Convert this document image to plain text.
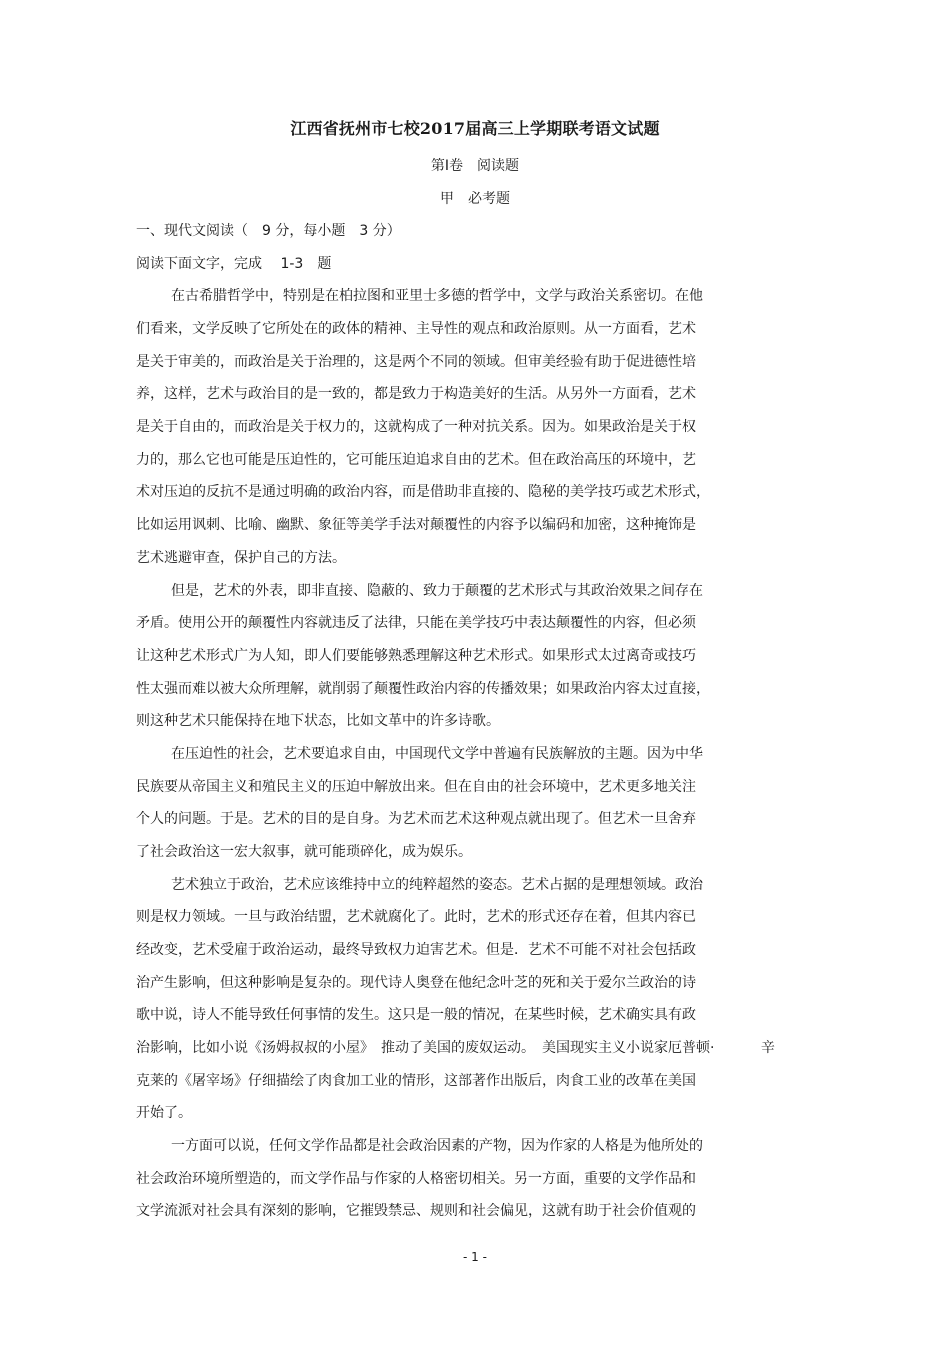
江西省抚州市七校2017届高三上学期联考语文试题
第Ⅰ卷　阅读题
甲　必考题
一、现代文阅读（　9 分，每小题　3 分）
阅读下面文字，完成　 1-3　题
在古希腊哲学中，特别是在柏拉图和亚里士多德的哲学中，文学与政治关系密切。在他
们看来，文学反映了它所处在的政体的精神、主导性的观点和政治原则。从一方面看，艺术
是关于审美的，而政治是关于治理的，这是两个不同的领域。但审美经验有助于促进德性培
养，这样，艺术与政治目的是一致的，都是致力于构造美好的生活。从另外一方面看，艺术
是关于自由的，而政治是关于权力的，这就构成了一种对抗关系。因为。如果政治是关于权
力的，那么它也可能是压迫性的，它可能压迫追求自由的艺术。但在政治高压的环境中，艺
术对压迫的反抗不是通过明确的政治内容，而是借助非直接的、隐秘的美学技巧或艺术形式，
比如运用讽刺、比喻、幽默、象征等美学手法对颠覆性的内容予以编码和加密，这种掩饰是
艺术逃避审查，保护自己的方法。
但是，艺术的外表，即非直接、隐蔽的、致力于颠覆的艺术形式与其政治效果之间存在
矛盾。使用公开的颠覆性内容就违反了法律，只能在美学技巧中表达颠覆性的内容，但必须
让这种艺术形式广为人知，即人们要能够熟悉理解这种艺术形式。如果形式太过离奇或技巧
性太强而难以被大众所理解，就削弱了颠覆性政治内容的传播效果；如果政治内容太过直接，
则这种艺术只能保持在地下状态，比如文革中的许多诗歌。
在压迫性的社会，艺术要追求自由，中国现代文学中普遍有民族解放的主题。因为中华
民族要从帝国主义和殖民主义的压迫中解放出来。但在自由的社会环境中，艺术更多地关注
个人的问题。于是。艺术的目的是自身。为艺术而艺术这种观点就出现了。但艺术一旦舍弃
了社会政治这一宏大叙事，就可能琐碎化，成为娱乐。
艺术独立于政治，艺术应该维持中立的纯粹超然的姿态。艺术占据的是理想领域。政治
则是权力领域。一旦与政治结盟，艺术就腐化了。此时，艺术的形式还存在着，但其内容已
经改变，艺术受雇于政治运动，最终导致权力迫害艺术。但是．艺术不可能不对社会包括政
治产生影响，但这种影响是复杂的。现代诗人奥登在他纪念叶芝的死和关于爱尔兰政治的诗
歌中说，诗人不能导致任何事情的发生。这只是一般的情况，在某些时候，艺术确实具有政
治影响，比如小说《汤姆叔叔的小屋》　推动了美国的废奴运动。　美国现实主义小说家厄普顿·　　　 辛
克莱的《屠宰场》仔细描绘了肉食加工业的情形，这部著作出版后，肉食工业的改革在美国
开始了。
一方面可以说，任何文学作品都是社会政治因素的产物，因为作家的人格是为他所处的
社会政治环境所塑造的，而文学作品与作家的人格密切相关。另一方面，重要的文学作品和
文学流派对社会具有深刻的影响，它摧毁禁忌、规则和社会偏见，这就有助于社会价值观的
- 1 -
